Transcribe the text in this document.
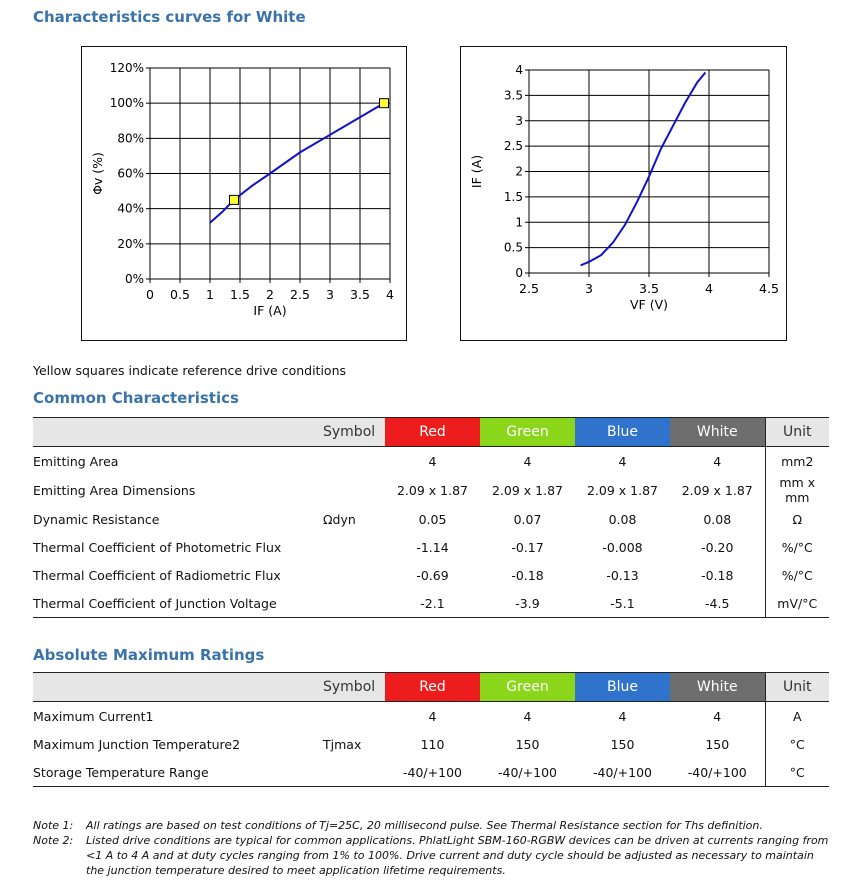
Characteristics curves for White
0 0.5 1 1.5 2 2.5 3 3.5 4
0%
20%
40%
60%
80%
100%
120%
IF (A)
Φv (%)
2.5	3	3.5	4	4.5
0
0.5
1
1.5
2
2.5
3
3.5
4
VF (V)
IF (A)
Yellow squares indicate reference drive conditions
Common Characteristics
	Symbol	Red	Green	Blue	White	Unit
Emitting Area		4	4	4	4	mm2
Emitting Area Dimensions		2.09 x 1.87	2.09 x 1.87	2.09 x 1.87	2.09 x 1.87	mm x mm
Dynamic Resistance	Ωdyn	0.05	0.07	0.08	0.08	Ω
Thermal Coefficient of Photometric Flux		-1.14	-0.17	-0.008	-0.20	%/°C
Thermal Coefficient of Radiometric Flux		-0.69	-0.18	-0.13	-0.18	%/°C
Thermal Coefficient of Junction Voltage		-2.1	-3.9	-5.1	-4.5	mV/°C
Absolute Maximum Ratings
	Symbol	Red	Green	Blue	White	Unit
Maximum Current1		4	4	4	4	A
Maximum Junction Temperature2	Tjmax	110	150	150	150	°C
Storage Temperature Range		-40/+100	-40/+100	-40/+100	-40/+100	°C
Note 1:	All ratings are based on test conditions of Tj=25C, 20 millisecond pulse. See Thermal Resistance section for Ths definition.
Note 2:	Listed drive conditions are typical for common applications. PhlatLight SBM-160-RGBW devices can be driven at currents ranging from <1 A to 4 A and at duty cycles ranging from 1% to 100%. Drive current and duty cycle should be adjusted as necessary to maintain the junction temperature desired to meet application lifetime requirements.
